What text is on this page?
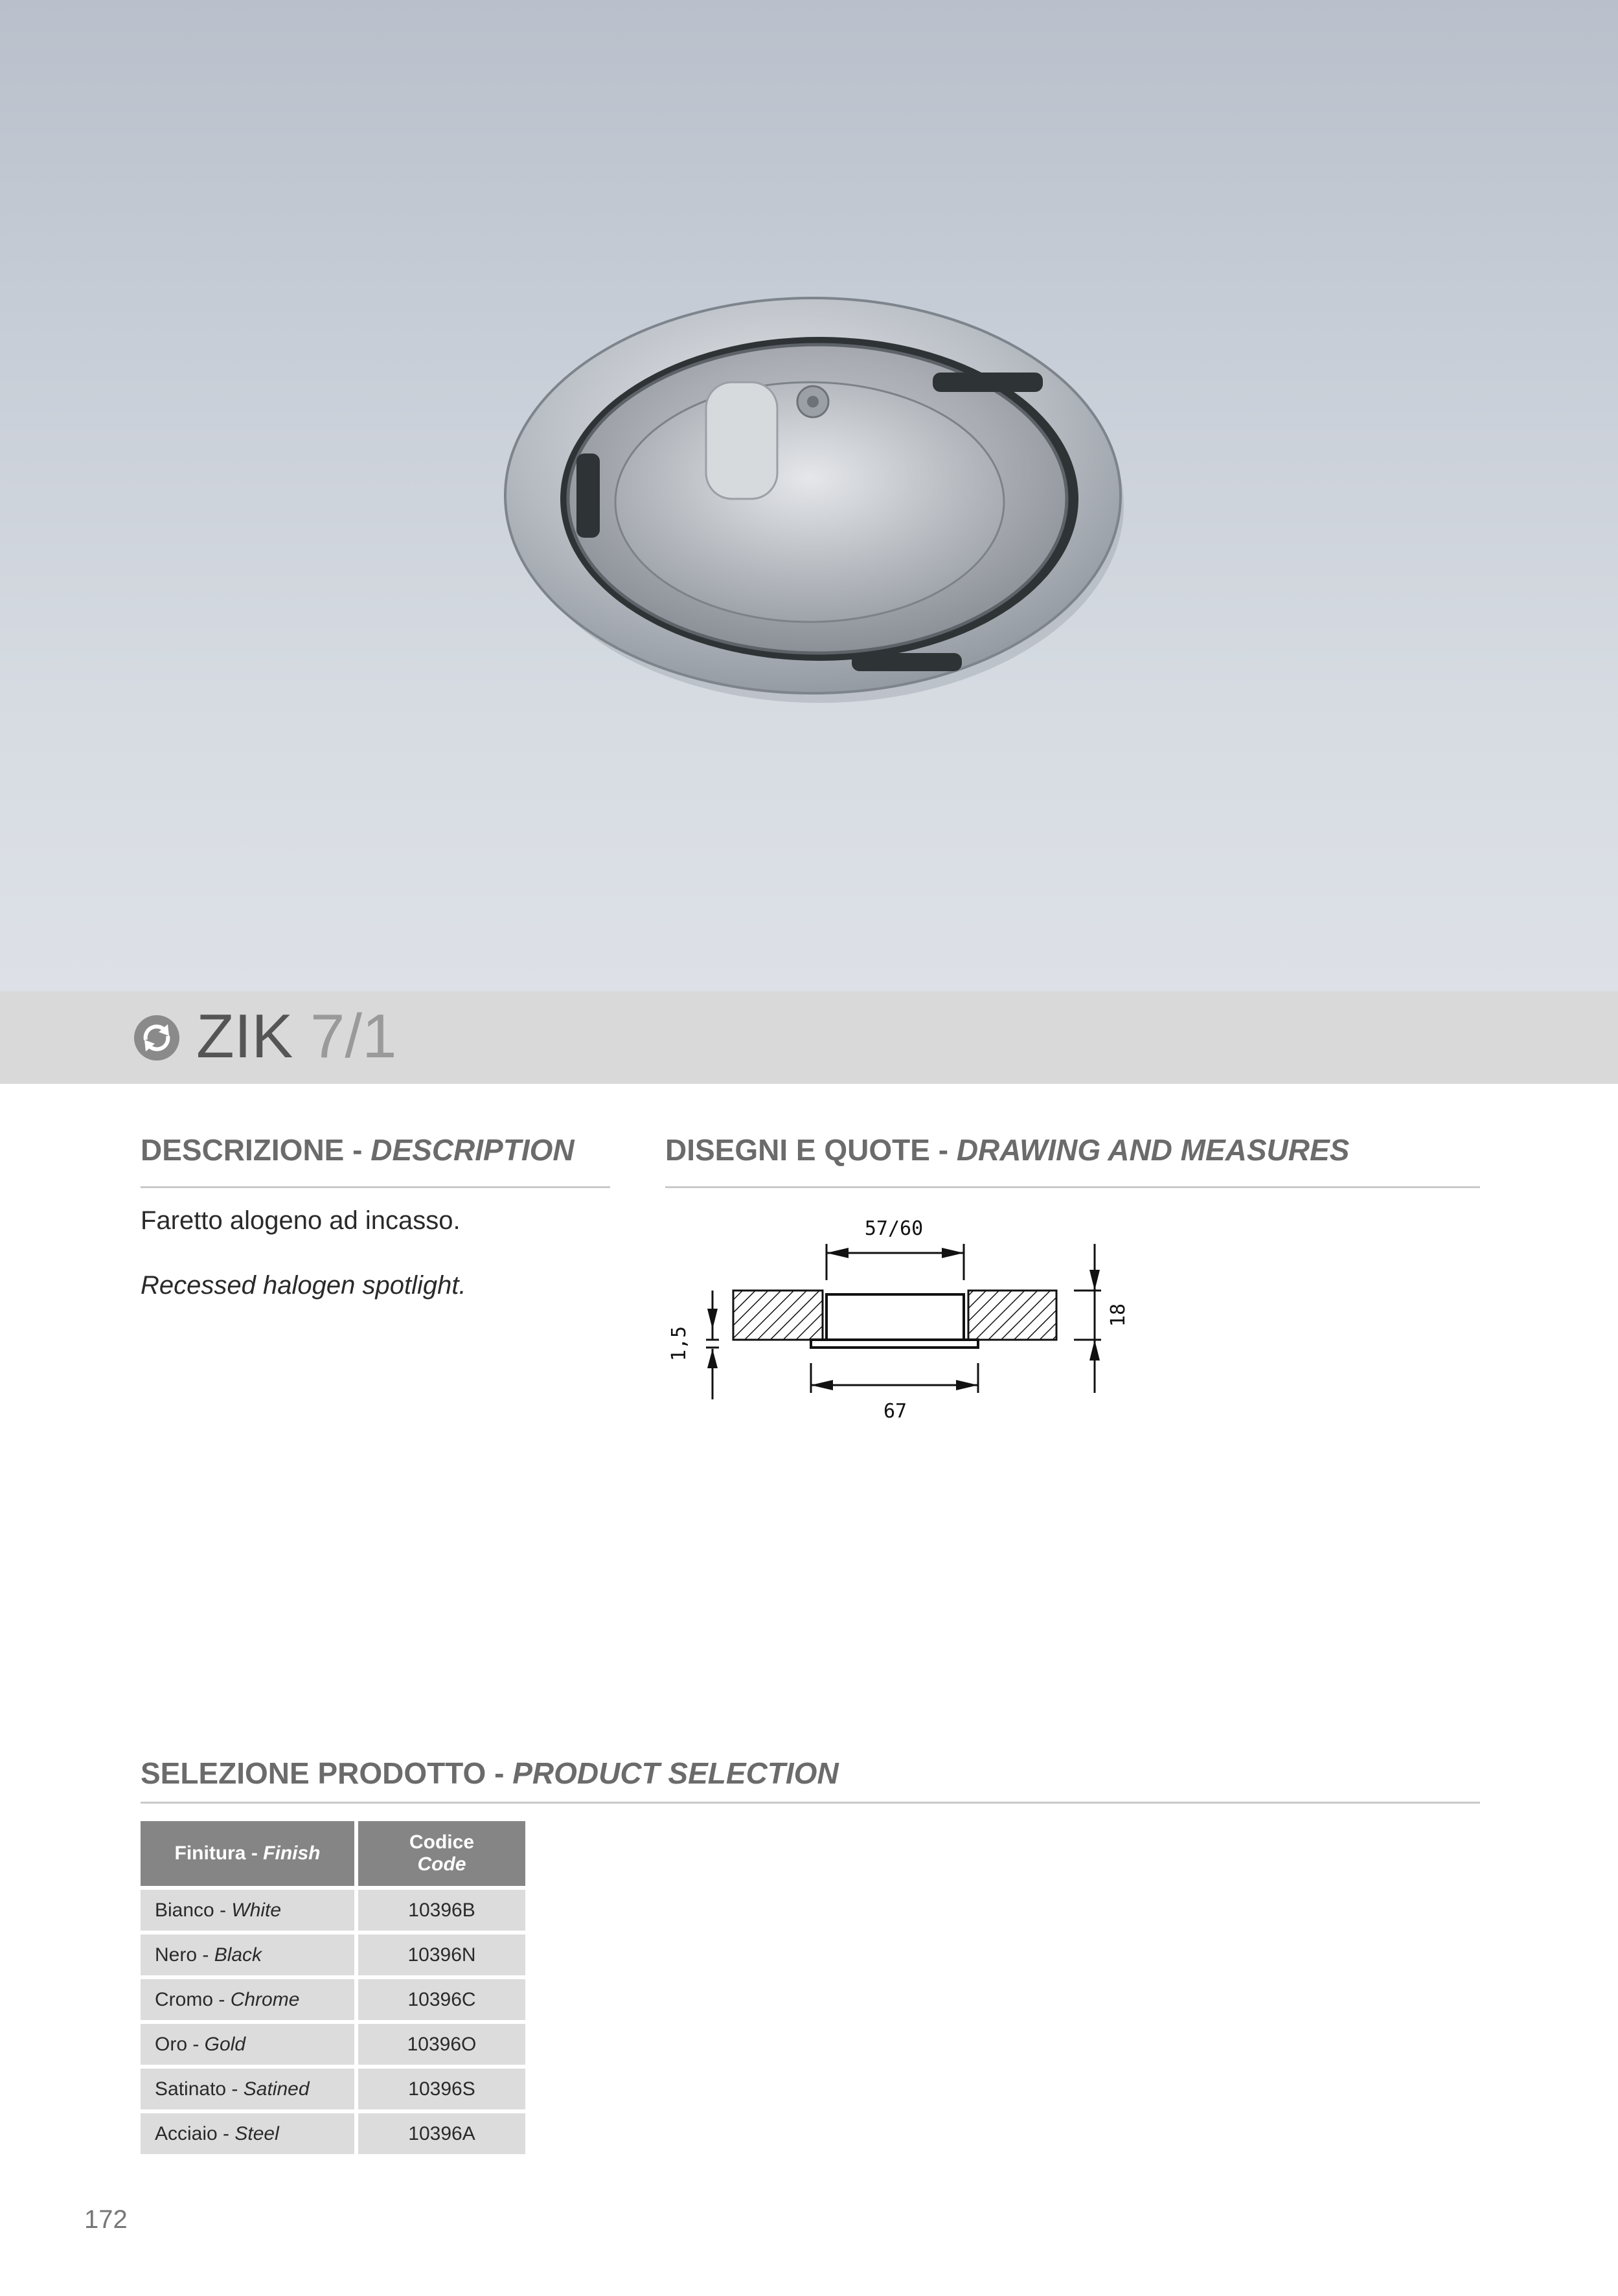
ZIK 7/1
DESCRIZIONE - DESCRIPTION
Faretto alogeno ad incasso.
Recessed halogen spotlight.
DISEGNI E QUOTE - DRAWING AND MEASURES
57/60
67
1,5
18
SELEZIONE PRODOTTO - PRODUCT SELECTION
Finitura - Finish	Codice
Code
Bianco - White	10396B
Nero - Black	10396N
Cromo - Chrome	10396C
Oro - Gold	10396O
Satinato - Satined	10396S
Acciaio - Steel	10396A
172
